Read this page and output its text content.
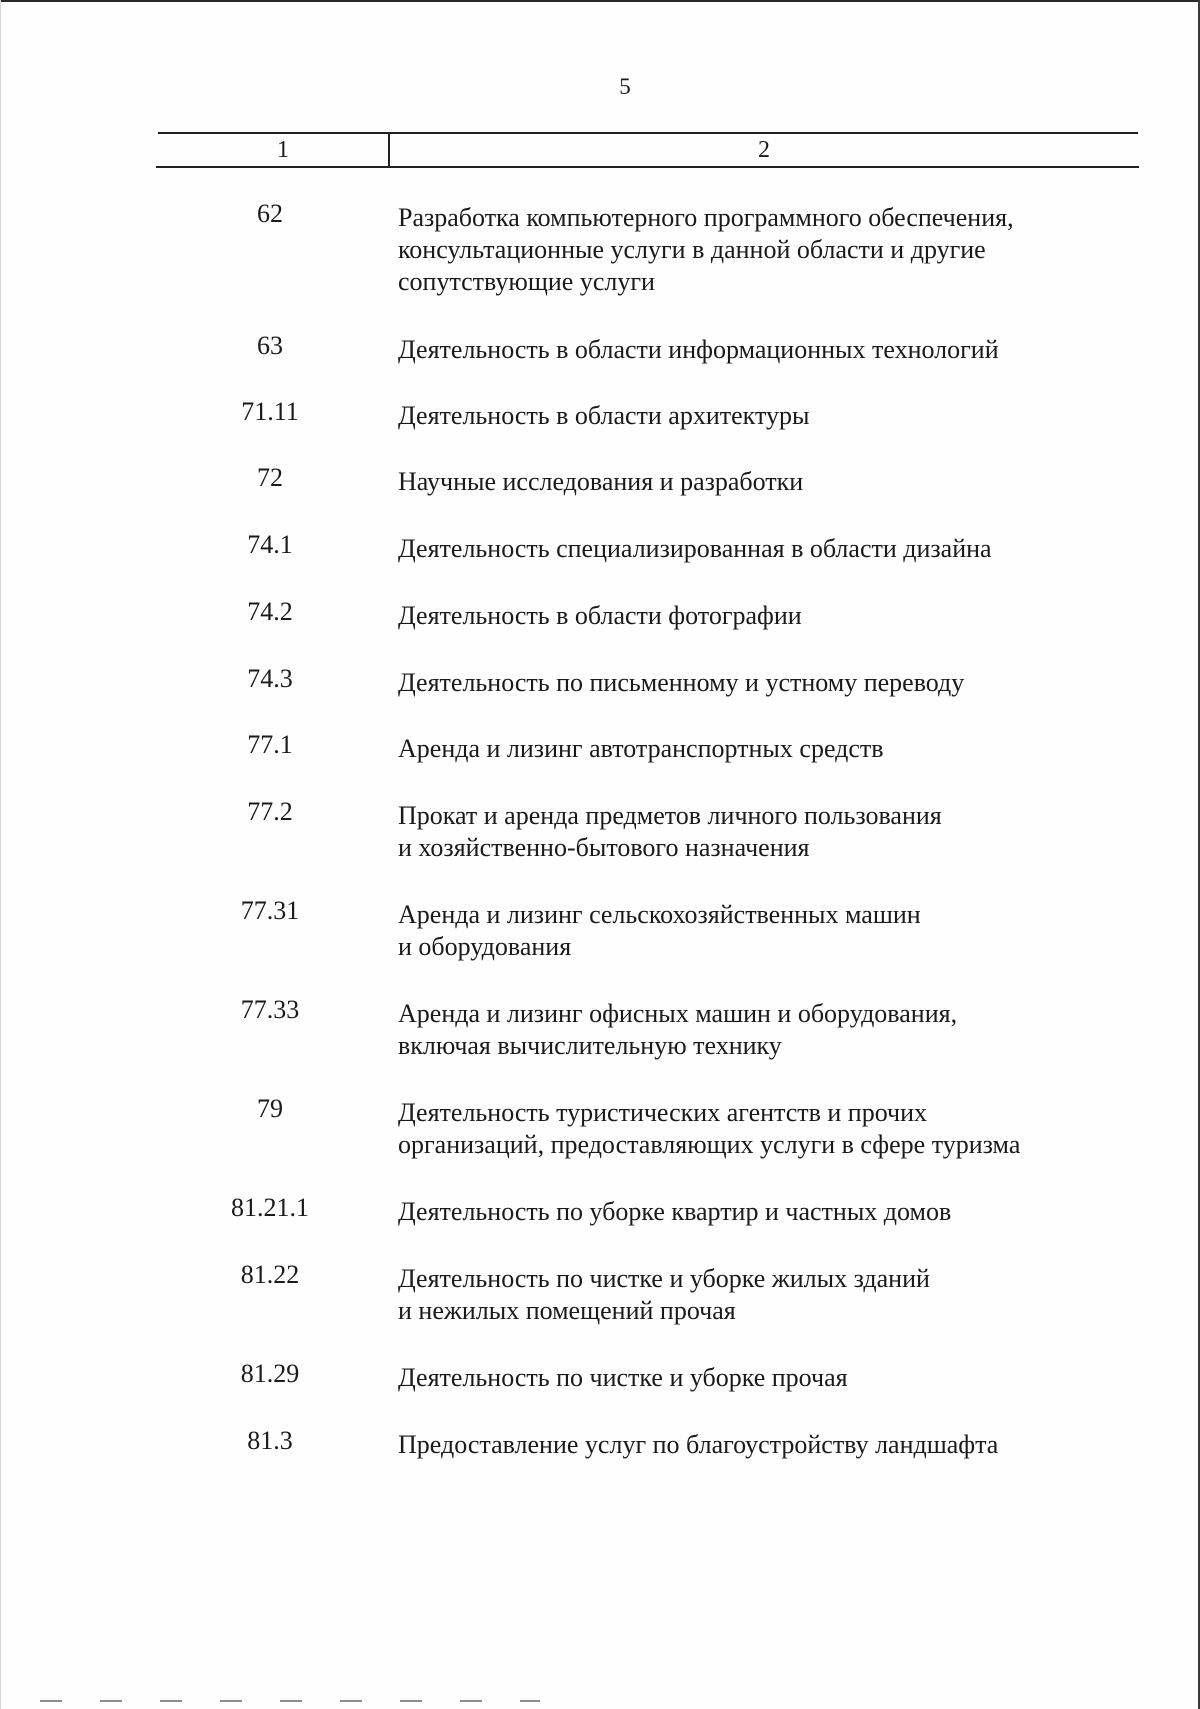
5
1	2
62	Разработка компьютерного программного обеспечения,
консультационные услуги в данной области и другие
сопутствующие услуги
63	Деятельность в области информационных технологий
71.11	Деятельность в области архитектуры
72	Научные исследования и разработки
74.1	Деятельность специализированная в области дизайна
74.2	Деятельность в области фотографии
74.3	Деятельность по письменному и устному переводу
77.1	Аренда и лизинг автотранспортных средств
77.2	Прокат и аренда предметов личного пользования
и хозяйственно-бытового назначения
77.31	Аренда и лизинг сельскохозяйственных машин
и оборудования
77.33	Аренда и лизинг офисных машин и оборудования,
включая вычислительную технику
79	Деятельность туристических агентств и прочих
организаций, предоставляющих услуги в сфере туризма
81.21.1	Деятельность по уборке квартир и частных домов
81.22	Деятельность по чистке и уборке жилых зданий
и нежилых помещений прочая
81.29	Деятельность по чистке и уборке прочая
81.3	Предоставление услуг по благоустройству ландшафта
